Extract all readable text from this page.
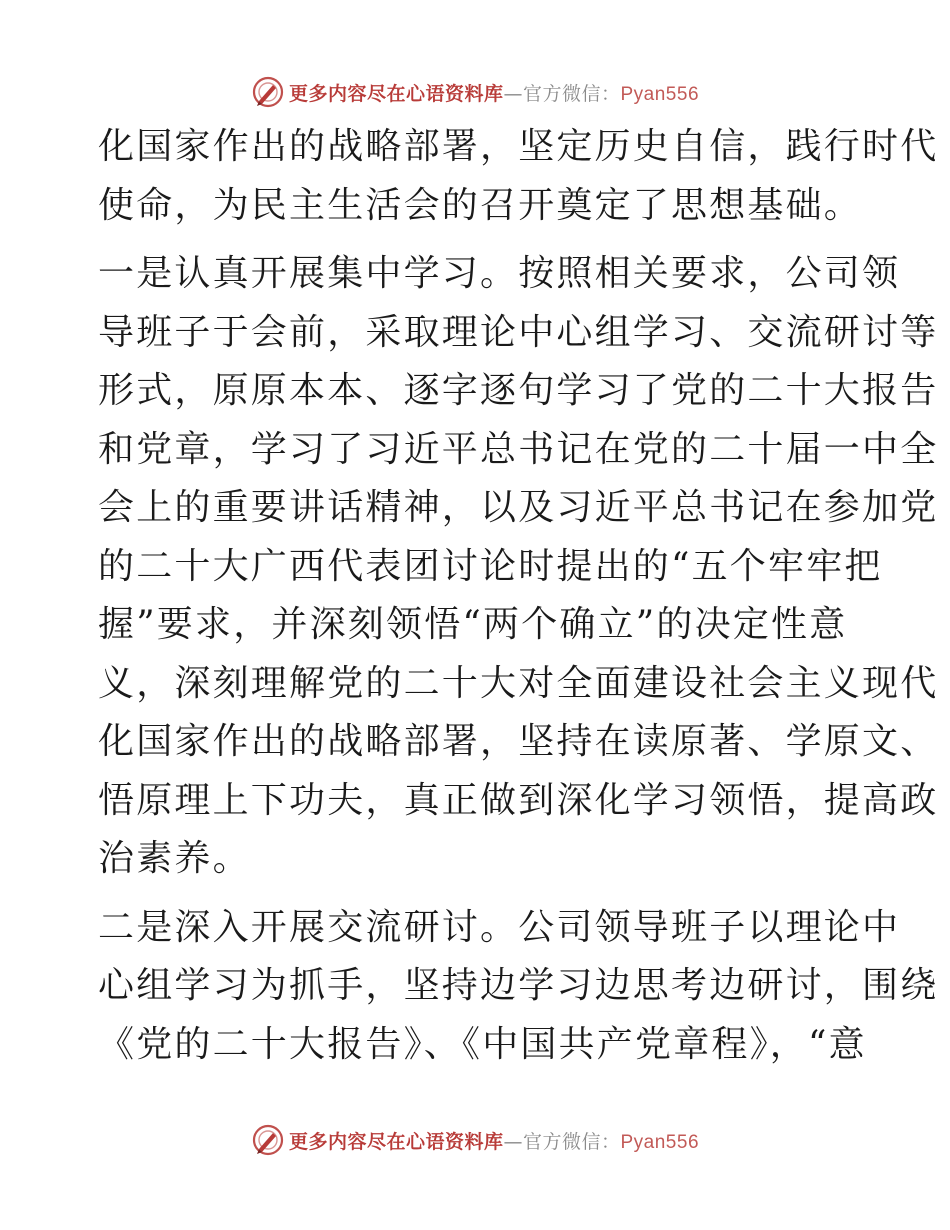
更多内容尽在心语资料库—官方微信：Pyan556

化国家作出的战略部署，坚定历史自信，践行时代
使命，为民主生活会的召开奠定了思想基础。

一是认真开展集中学习。按照相关要求，公司领
导班子于会前，采取理论中心组学习、交流研讨等
形式，原原本本、逐字逐句学习了党的二十大报告
和党章，学习了习近平总书记在党的二十届一中全
会上的重要讲话精神，以及习近平总书记在参加党
的二十大广西代表团讨论时提出的“五个牢牢把
握”要求，并深刻领悟“两个确立”的决定性意
义，深刻理解党的二十大对全面建设社会主义现代
化国家作出的战略部署，坚持在读原著、学原文、
悟原理上下功夫，真正做到深化学习领悟，提高政
治素养。

二是深入开展交流研讨。公司领导班子以理论中
心组学习为抓手，坚持边学习边思考边研讨，围绕
《党的二十大报告》、《中国共产党章程》，“意

更多内容尽在心语资料库—官方微信：Pyan556
